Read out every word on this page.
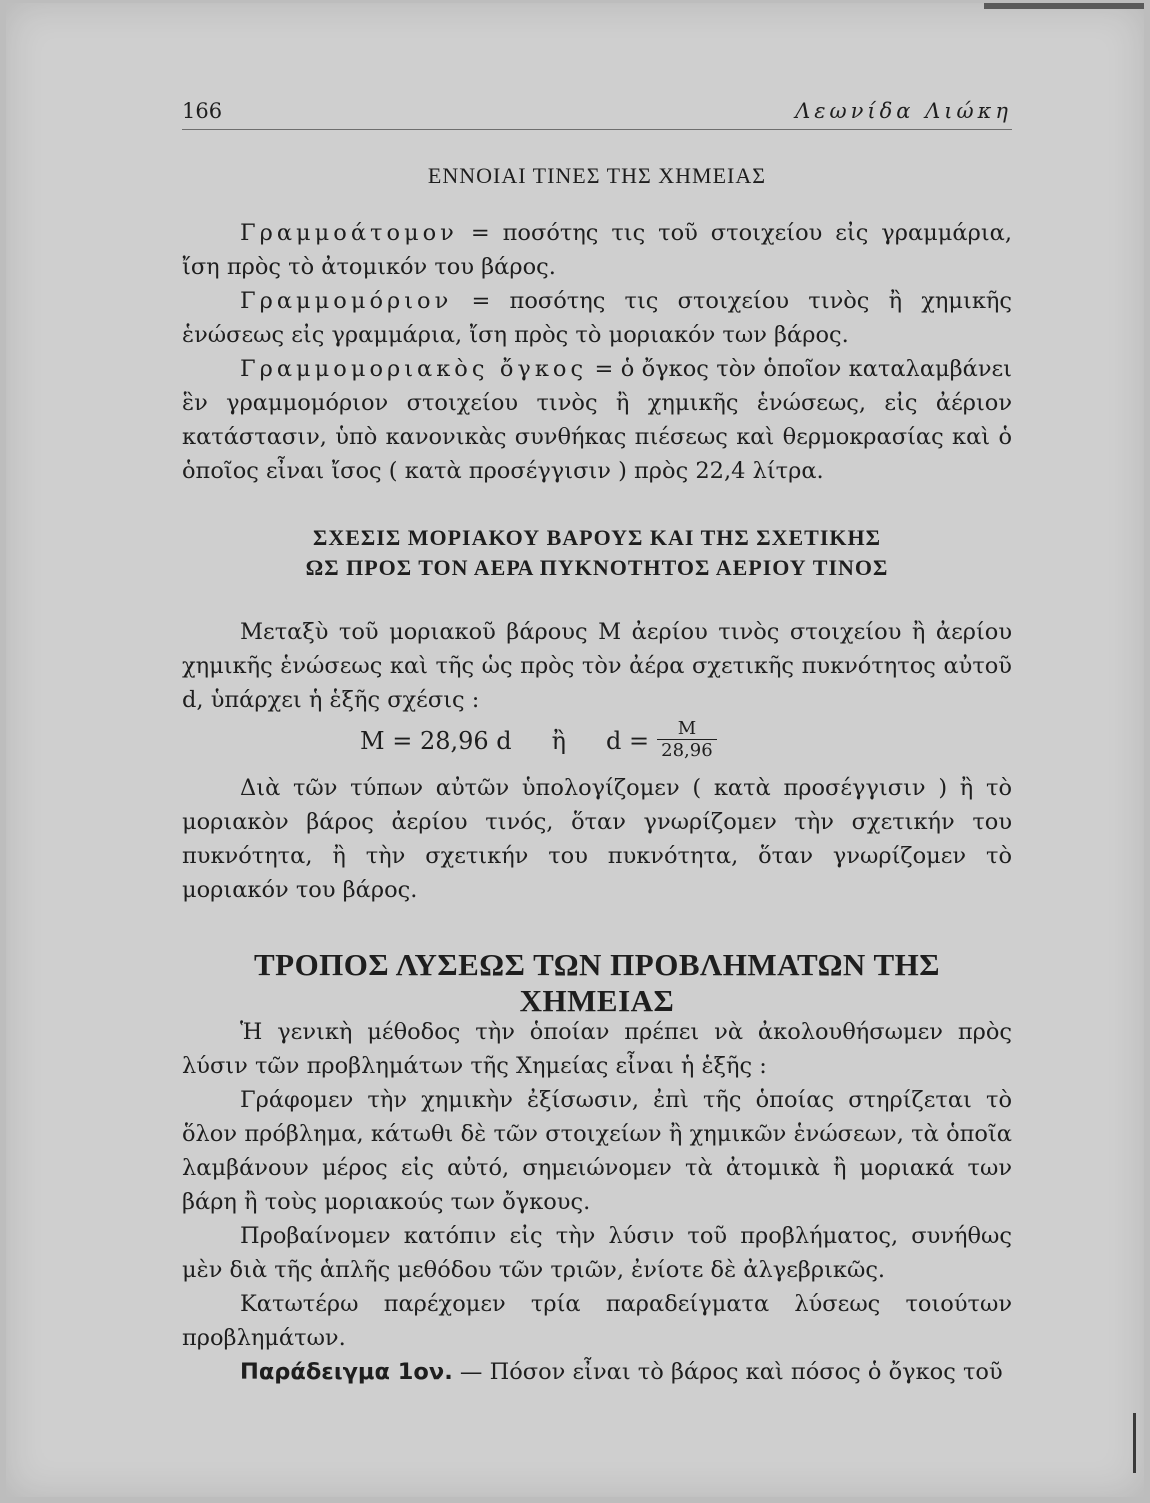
166	Λεωνίδα Λιώκη
ΕΝΝΟΙΑΙ ΤΙΝΕΣ ΤΗΣ ΧΗΜΕΙΑΣ

Γραμμοάτομον = ποσότης τις τοῦ στοιχείου εἰς γραμμάρια, ἴση πρὸς τὸ ἀτομικόν του βάρος.

Γραμμομόριον = ποσότης τις στοιχείου τινὸς ἢ χημικῆς ἑνώσεως εἰς γραμμάρια, ἴση πρὸς τὸ μοριακόν των βάρος.

Γραμμομοριακὸς ὄγκος = ὁ ὄγκος τὸν ὁποῖον καταλαμβάνει ἓν γραμμομόριον στοιχείου τινὸς ἢ χημικῆς ἑνώσεως, εἰς ἀέριον κατάστασιν, ὑπὸ κανονικὰς συνθήκας πιέσεως καὶ θερμοκρασίας καὶ ὁ ὁποῖος εἶναι ἴσος ( κατὰ προσέγγισιν ) πρὸς 22,4 λίτρα.

ΣΧΕΣΙΣ ΜΟΡΙΑΚΟΥ ΒΑΡΟΥΣ ΚΑΙ ΤΗΣ ΣΧΕΤΙΚΗΣ
ΩΣ ΠΡΟΣ ΤΟΝ ΑΕΡΑ ΠΥΚΝΟΤΗΤΟΣ ΑΕΡΙΟΥ ΤΙΝΟΣ

Μεταξὺ τοῦ μοριακοῦ βάρους M ἀερίου τινὸς στοιχείου ἢ ἀερίου χημικῆς ἑνώσεως καὶ τῆς ὡς πρὸς τὸν ἀέρα σχετικῆς πυκνότητος αὐτοῦ d, ὑπάρχει ἡ ἑξῆς σχέσις :

M = 28,96 d ἢ $d = \frac{M}{28,96}$

Διὰ τῶν τύπων αὐτῶν ὑπολογίζομεν ( κατὰ προσέγγισιν ) ἢ τὸ μοριακὸν βάρος ἀερίου τινός, ὅταν γνωρίζομεν τὴν σχετικήν του πυκνότητα, ἢ τὴν σχετικήν του πυκνότητα, ὅταν γνωρίζομεν τὸ μοριακόν του βάρος.

ΤΡΟΠΟΣ ΛΥΣΕΩΣ ΤΩΝ ΠΡΟΒΛΗΜΑΤΩΝ ΤΗΣ ΧΗΜΕΙΑΣ

Ἡ γενικὴ μέθοδος τὴν ὁποίαν πρέπει νὰ ἀκολουθήσωμεν πρὸς λύσιν τῶν προβλημάτων τῆς Χημείας εἶναι ἡ ἑξῆς :

Γράφομεν τὴν χημικὴν ἐξίσωσιν, ἐπὶ τῆς ὁποίας στηρίζεται τὸ ὅλον πρόβλημα, κάτωθι δὲ τῶν στοιχείων ἢ χημικῶν ἑνώσεων, τὰ ὁποῖα λαμβάνουν μέρος εἰς αὐτό, σημειώνομεν τὰ ἀτομικὰ ἢ μοριακά των βάρη ἢ τοὺς μοριακούς των ὄγκους.

Προβαίνομεν κατόπιν εἰς τὴν λύσιν τοῦ προβλήματος, συνήθως μὲν διὰ τῆς ἁπλῆς μεθόδου τῶν τριῶν, ἐνίοτε δὲ ἀλγεβρικῶς.

Κατωτέρω παρέχομεν τρία παραδείγματα λύσεως τοιούτων προβλημάτων.

Παράδειγμα 1ον. — Πόσον εἶναι τὸ βάρος καὶ πόσος ὁ ὄγκος τοῦ
